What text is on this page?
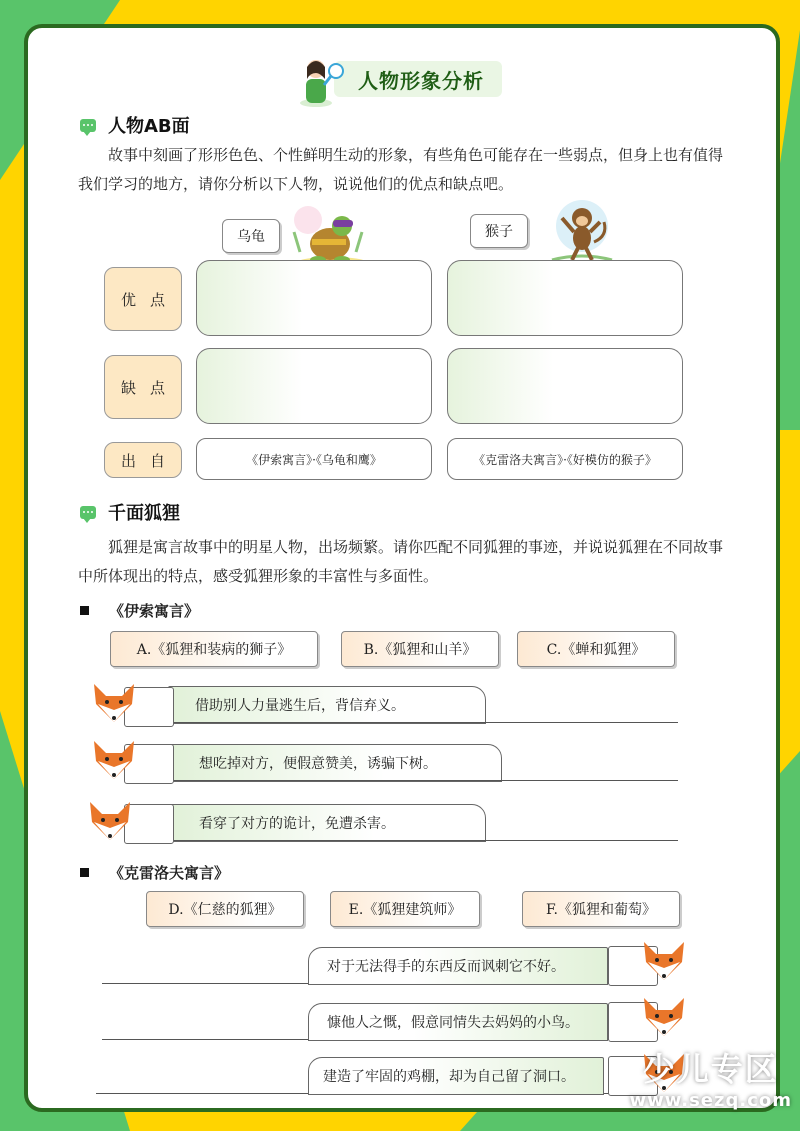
人物形象分析
人物AB面
故事中刻画了形形色色、个性鲜明生动的形象，有些角色可能存在一些弱点，但身上也有值得我们学习的地方，请你分析以下人物，说说他们的优点和缺点吧。
乌龟	猴子
优点
缺点
出自	《伊索寓言》·《乌龟和鹰》	《克雷洛夫寓言》·《好模仿的猴子》
千面狐狸
狐狸是寓言故事中的明星人物，出场频繁。请你匹配不同狐狸的事迹，并说说狐狸在不同故事中所体现出的特点，感受狐狸形象的丰富性与多面性。
《伊索寓言》
A.《狐狸和装病的狮子》	B.《狐狸和山羊》	C.《蝉和狐狸》
借助别人力量逃生后，背信弃义。
想吃掉对方，便假意赞美，诱骗下树。
看穿了对方的诡计，免遭杀害。
《克雷洛夫寓言》
D.《仁慈的狐狸》	E.《狐狸建筑师》	F.《狐狸和葡萄》
对于无法得手的东西反而讽刺它不好。
慷他人之慨，假意同情失去妈妈的小鸟。
建造了牢固的鸡棚，却为自己留了洞口。	少儿专区
www.sezq.com
